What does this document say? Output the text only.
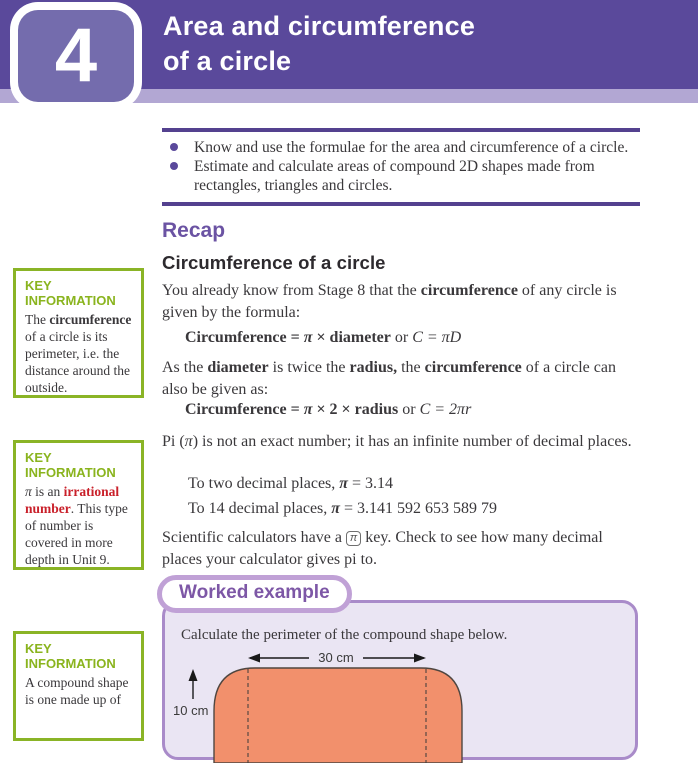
4 Area and circumference
of a circle
Know and use the formulae for the area and circumference of a circle.
Estimate and calculate areas of compound 2D shapes made from rectangles, triangles and circles.
Recap
Circumference of a circle
You already know from Stage 8 that the circumference of any circle is given by the formula:
Circumference = π × diameter or C = πD
As the diameter is twice the radius, the circumference of a circle can also be given as:
Circumference = π × 2 × radius or C = 2πr
Pi (π) is not an exact number; it has an infinite number of decimal places.
To two decimal places, π = 3.14
To 14 decimal places, π = 3.141 592 653 589 79
Scientific calculators have a π key. Check to see how many decimal places your calculator gives pi to.
KEY INFORMATION
The circumference of a circle is its perimeter, i.e. the distance around the outside.
KEY INFORMATION
π is an irrational number. This type of number is covered in more depth in Unit 9.
KEY INFORMATION
A compound shape is one made up of
Calculate the perimeter of the compound shape below.
30 cm
10 cm
Worked example
